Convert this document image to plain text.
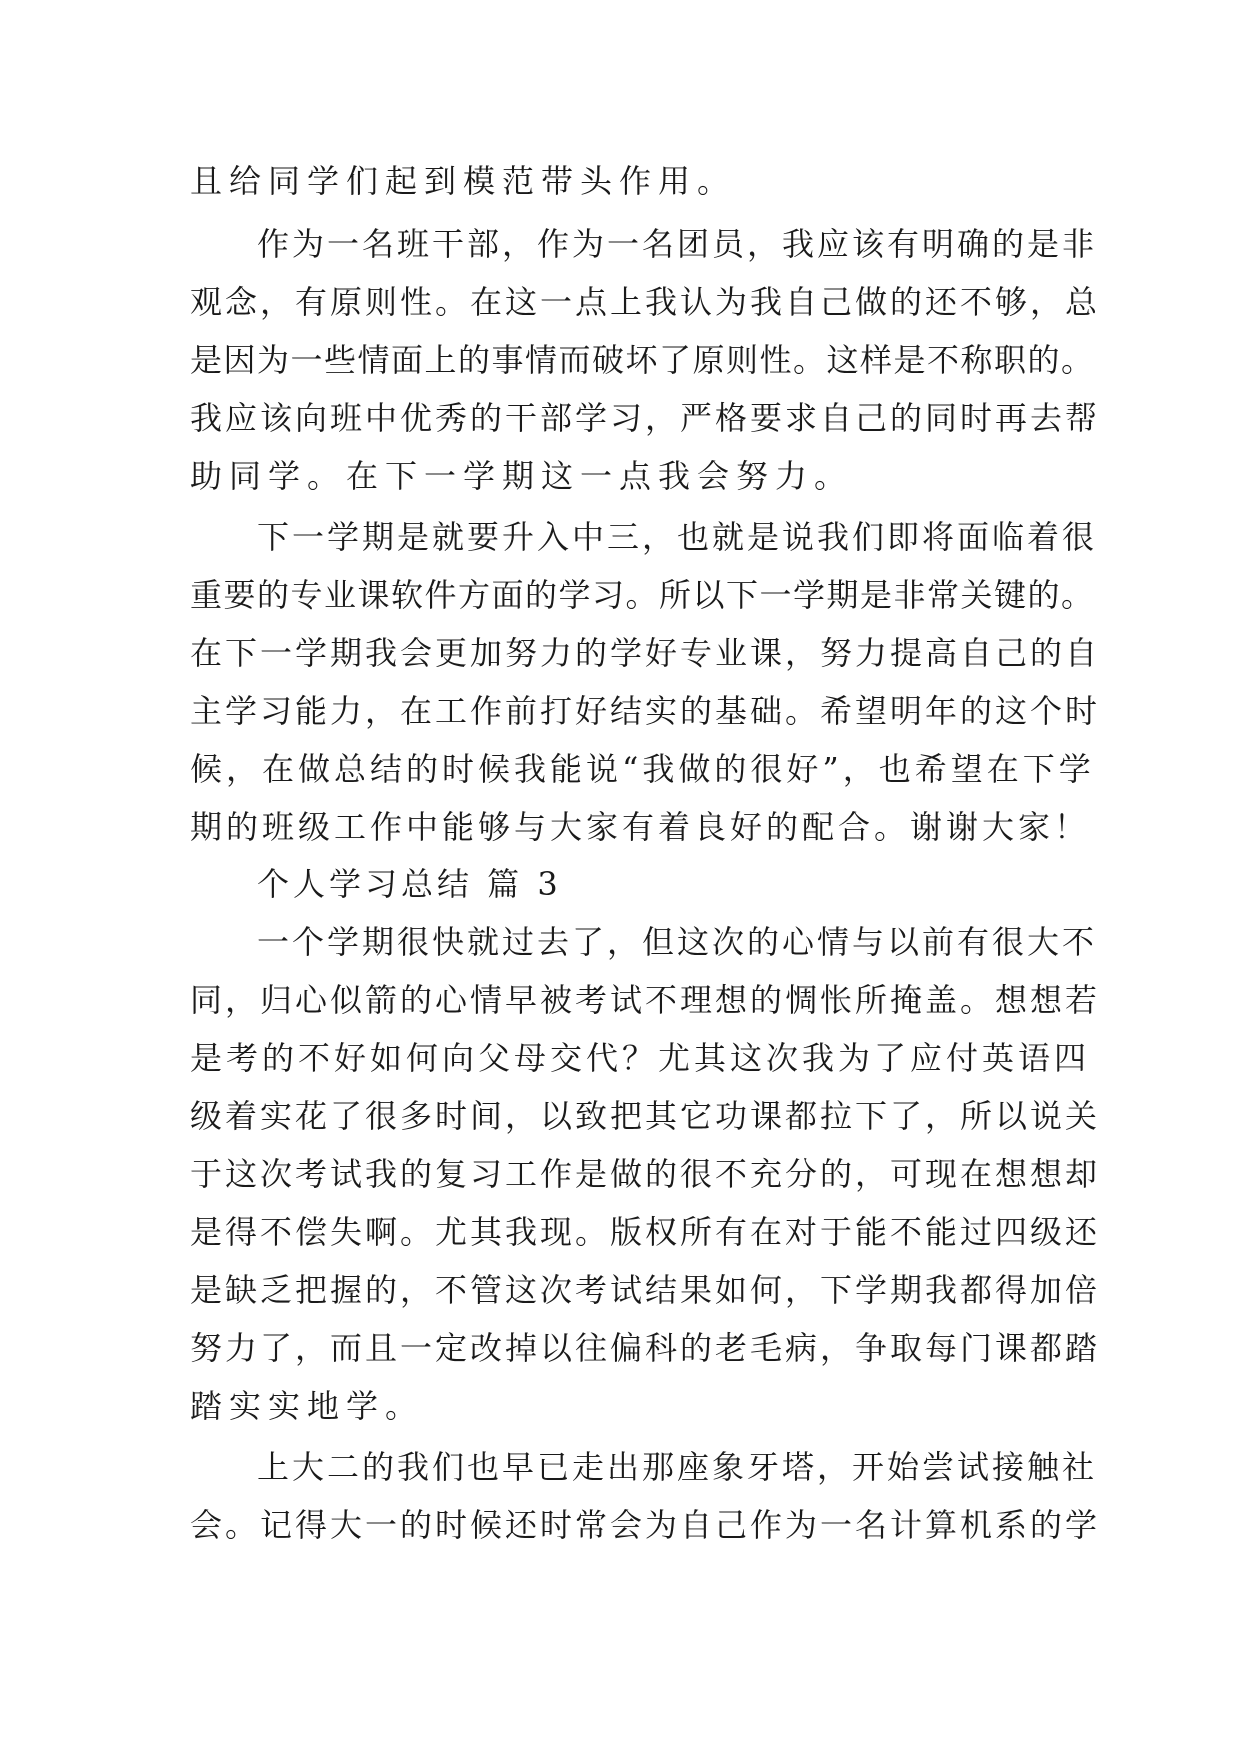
且给同学们起到模范带头作用。
作为一名班干部，作为一名团员，我应该有明确的是非
观念，有原则性。在这一点上我认为我自己做的还不够，总
是因为一些情面上的事情而破坏了原则性。这样是不称职的。
我应该向班中优秀的干部学习，严格要求自己的同时再去帮
助同学。在下一学期这一点我会努力。
下一学期是就要升入中三，也就是说我们即将面临着很
重要的专业课软件方面的学习。所以下一学期是非常关键的。
在下一学期我会更加努力的学好专业课，努力提高自己的自
主学习能力，在工作前打好结实的基础。希望明年的这个时
候，在做总结的时候我能说“我做的很好”，也希望在下学
期的班级工作中能够与大家有着良好的配合。谢谢大家！
个人学习总结 篇 3
一个学期很快就过去了，但这次的心情与以前有很大不
同，归心似箭的心情早被考试不理想的惆怅所掩盖。想想若
是考的不好如何向父母交代？尤其这次我为了应付英语四
级着实花了很多时间，以致把其它功课都拉下了，所以说关
于这次考试我的复习工作是做的很不充分的，可现在想想却
是得不偿失啊。尤其我现。版权所有在对于能不能过四级还
是缺乏把握的，不管这次考试结果如何，下学期我都得加倍
努力了，而且一定改掉以往偏科的老毛病，争取每门课都踏
踏实实地学。
上大二的我们也早已走出那座象牙塔，开始尝试接触社
会。记得大一的时候还时常会为自己作为一名计算机系的学
